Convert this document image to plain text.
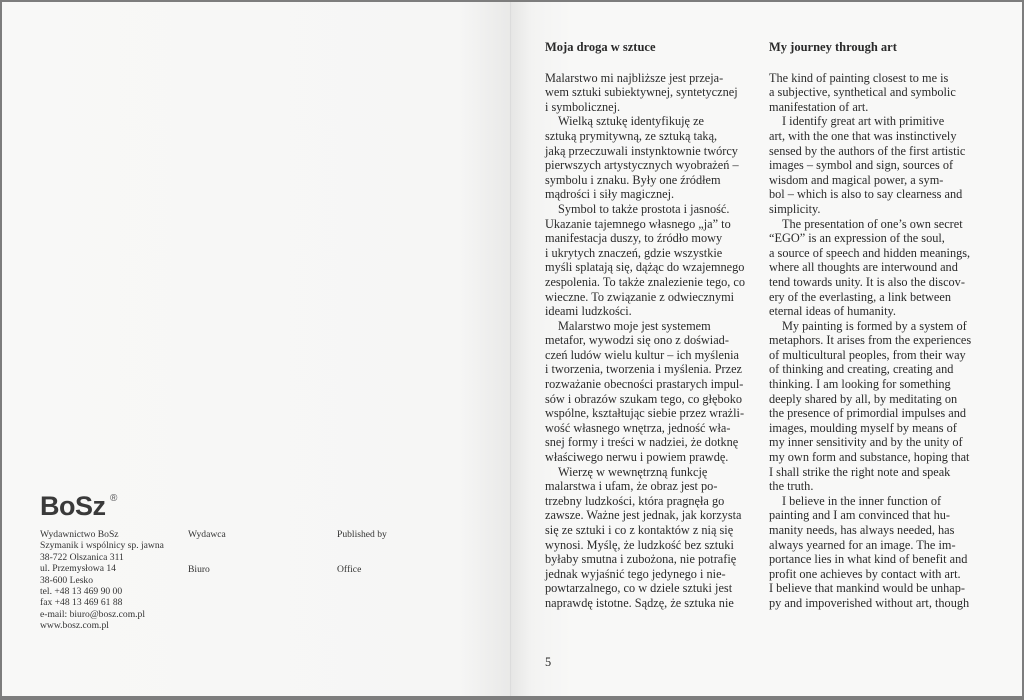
Moja droga w sztuce
Malarstwo mi najbliższe jest przeja-
wem sztuki subiektywnej, syntetycznej
i symbolicznej.
Wielką sztukę identyfikuję ze
sztuką prymitywną, ze sztuką taką,
jaką przeczuwali instynktownie twórcy
pierwszych artystycznych wyobrażeń –
symbolu i znaku. Były one źródłem
mądrości i siły magicznej.
Symbol to także prostota i jasność.
Ukazanie tajemnego własnego „ja” to
manifestacja duszy, to źródło mowy
i ukrytych znaczeń, gdzie wszystkie
myśli splatają się, dążąc do wzajemnego
zespolenia. To także znalezienie tego, co
wieczne. To związanie z odwiecznymi
ideami ludzkości.
Malarstwo moje jest systemem
metafor, wywodzi się ono z doświad-
czeń ludów wielu kultur – ich myślenia
i tworzenia, tworzenia i myślenia. Przez
rozważanie obecności prastarych impul-
sów i obrazów szukam tego, co głęboko
wspólne, kształtując siebie przez wrażli-
wość własnego wnętrza, jedność wła-
snej formy i treści w nadziei, że dotknę
właściwego nerwu i powiem prawdę.
Wierzę w wewnętrzną funkcję
malarstwa i ufam, że obraz jest po-
trzebny ludzkości, która pragnęła go
zawsze. Ważne jest jednak, jak korzysta
się ze sztuki i co z kontaktów z nią się
wynosi. Myślę, że ludzkość bez sztuki
byłaby smutna i zubożona, nie potrafię
jednak wyjaśnić tego jedynego i nie-
powtarzalnego, co w dziele sztuki jest
naprawdę istotne. Sądzę, że sztuka nie
My journey through art
The kind of painting closest to me is
a subjective, synthetical and symbolic
manifestation of art.
I identify great art with primitive
art, with the one that was instinctively
sensed by the authors of the first artistic
images – symbol and sign, sources of
wisdom and magical power, a sym-
bol – which is also to say clearness and
simplicity.
The presentation of one’s own secret
“EGO” is an expression of the soul,
a source of speech and hidden meanings,
where all thoughts are interwound and
tend towards unity. It is also the discov-
ery of the everlasting, a link between
eternal ideas of humanity.
My painting is formed by a system of
metaphors. It arises from the experiences
of multicultural peoples, from their way
of thinking and creating, creating and
thinking. I am looking for something
deeply shared by all, by meditating on
the presence of primordial impulses and
images, moulding myself by means of
my inner sensitivity and by the unity of
my own form and substance, hoping that
I shall strike the right note and speak
the truth.
I believe in the inner function of
painting and I am convinced that hu-
manity needs, has always needed, has
always yearned for an image. The im-
portance lies in what kind of benefit and
profit one achieves by contact with art.
I believe that mankind would be unhap-
py and impoverished without art, though
5
BoSz ®
Wydawnictwo BoSz
Szymanik i wspólnicy sp. jawna
38-722 Olszanica 311
ul. Przemysłowa 14
38-600 Lesko
tel. +48 13 469 90 00
fax +48 13 469 61 88
e-mail: biuro@bosz.com.pl
www.bosz.com.pl
Wydawca
Biuro
Published by
Office
